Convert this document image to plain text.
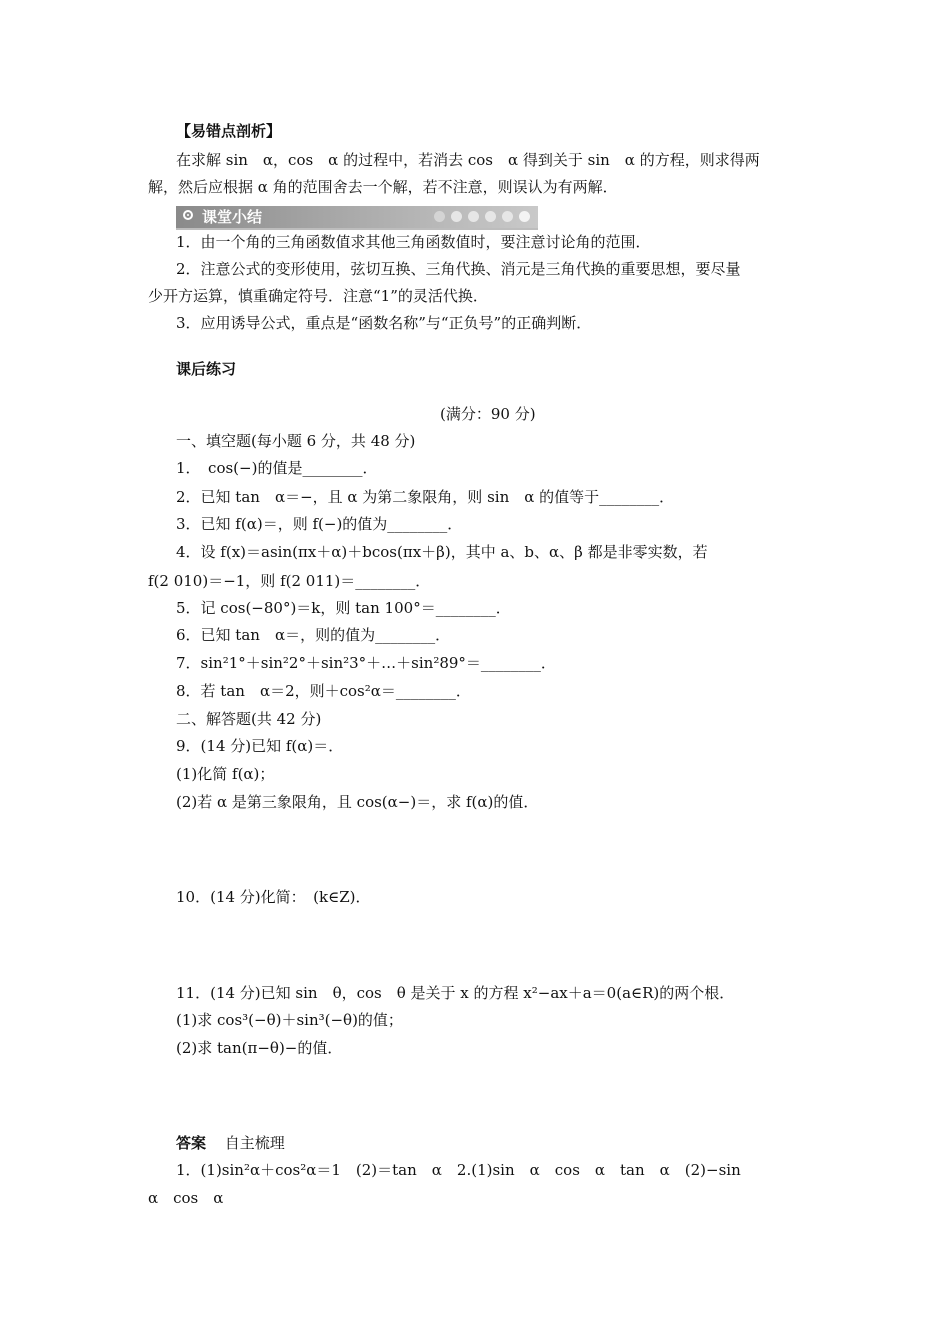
【易错点剖析】
在求解 sin　α，cos　α 的过程中，若消去 cos　α 得到关于 sin　α 的方程，则求得两
解，然后应根据 α 角的范围舍去一个解，若不注意，则误认为有两解．
课堂小结
1．由一个角的三角函数值求其他三角函数值时，要注意讨论角的范围．
2．注意公式的变形使用，弦切互换、三角代换、消元是三角代换的重要思想，要尽量
少开方运算，慎重确定符号．注意“1”的灵活代换．
3．应用诱导公式，重点是“函数名称”与“正负号”的正确判断．
课后练习
(满分：90 分)
一、填空题(每小题 6 分，共 48 分)
1．　cos(−)的值是________．
2．已知 tan　α＝−，且 α 为第二象限角，则 sin　α 的值等于________．
3．已知 f(α)＝，则 f(−)的值为________．
4．设 f(x)＝asin(πx＋α)＋bcos(πx＋β)，其中 a、b、α、β 都是非零实数，若
f(2 010)＝−1，则 f(2 011)＝________．
5．记 cos(−80°)＝k，则 tan 100°＝________．
6．已知 tan　α＝，则的值为________．
7．sin²1°＋sin²2°＋sin²3°＋…＋sin²89°＝________．
8．若 tan　α＝2，则＋cos²α＝________．
二、解答题(共 42 分)
9．(14 分)已知 f(α)＝．
(1)化简 f(α)；
(2)若 α 是第三象限角，且 cos(α−)＝，求 f(α)的值．
10．(14 分)化简：　(k∈Z)．
11．(14 分)已知 sin　θ，cos　θ 是关于 x 的方程 x²−ax＋a＝0(a∈R)的两个根．
(1)求 cos³(−θ)＋sin³(−θ)的值；
(2)求 tan(π−θ)−的值．
答案 自主梳理
1．(1)sin²α＋cos²α＝1　(2)＝tan　α　2.(1)sin　α　cos　α　tan　α　(2)−sin
α　cos　α
